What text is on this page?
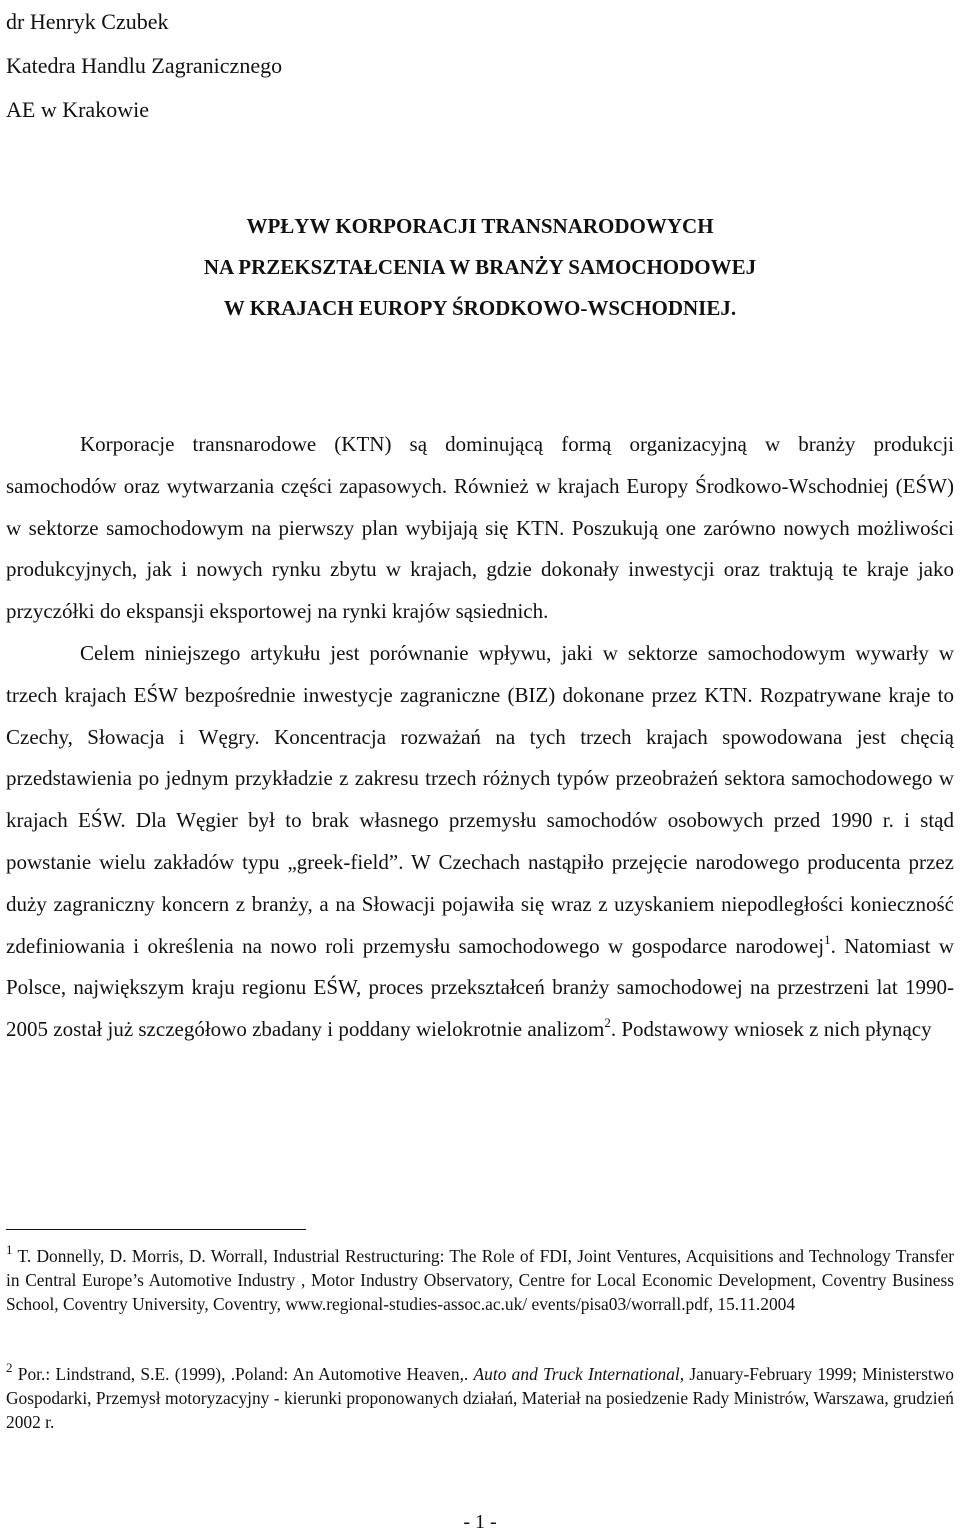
dr Henryk Czubek
Katedra Handlu Zagranicznego
AE w Krakowie
WPŁYW KORPORACJI TRANSNARODOWYCH
NA PRZEKSZTAŁCENIA W BRANŻY SAMOCHODOWEJ
W KRAJACH EUROPY ŚRODKOWO-WSCHODNIEJ.

Korporacje transnarodowe (KTN) są dominującą formą organizacyjną w branży produkcji samochodów oraz wytwarzania części zapasowych. Również w krajach Europy Środkowo-Wschodniej (EŚW) w sektorze samochodowym na pierwszy plan wybijają się KTN. Poszukują one zarówno nowych możliwości produkcyjnych, jak i nowych rynku zbytu w krajach, gdzie dokonały inwestycji oraz traktują te kraje jako przyczółki do ekspansji eksportowej na rynki krajów sąsiednich.

Celem niniejszego artykułu jest porównanie wpływu, jaki w sektorze samochodowym wywarły w trzech krajach EŚW bezpośrednie inwestycje zagraniczne (BIZ) dokonane przez KTN. Rozpatrywane kraje to Czechy, Słowacja i Węgry. Koncentracja rozważań na tych trzech krajach spowodowana jest chęcią przedstawienia po jednym przykładzie z zakresu trzech różnych typów przeobrażeń sektora samochodowego w krajach EŚW. Dla Węgier był to brak własnego przemysłu samochodów osobowych przed 1990 r. i stąd powstanie wielu zakładów typu „greek-field”. W Czechach nastąpiło przejęcie narodowego producenta przez duży zagraniczny koncern z branży, a na Słowacji pojawiła się wraz z uzyskaniem niepodległości konieczność zdefiniowania i określenia na nowo roli przemysłu samochodowego w gospodarce narodowej$^1$. Natomiast w Polsce, największym kraju regionu EŚW, proces przekształceń branży samochodowej na przestrzeni lat 1990-2005 został już szczegółowo zbadany i poddany wielokrotnie analizom$^2$. Podstawowy wniosek z nich płynący

$^1$ T. Donnelly, D. Morris, D. Worrall, Industrial Restructuring: The Role of FDI, Joint Ventures, Acquisitions and Technology Transfer in Central Europe’s Automotive Industry , Motor Industry Observatory, Centre for Local Economic Development, Coventry Business School, Coventry University, Coventry, www.regional-studies-assoc.ac.uk/ events/pisa03/worrall.pdf, 15.11.2004
$^2$ Por.: Lindstrand, S.E. (1999), .Poland: An Automotive Heaven,. Auto and Truck International, January-February 1999; Ministerstwo Gospodarki, Przemysł motoryzacyjny - kierunki proponowanych działań, Materiał na posiedzenie Rady Ministrów, Warszawa, grudzień 2002 r.
- 1 -
